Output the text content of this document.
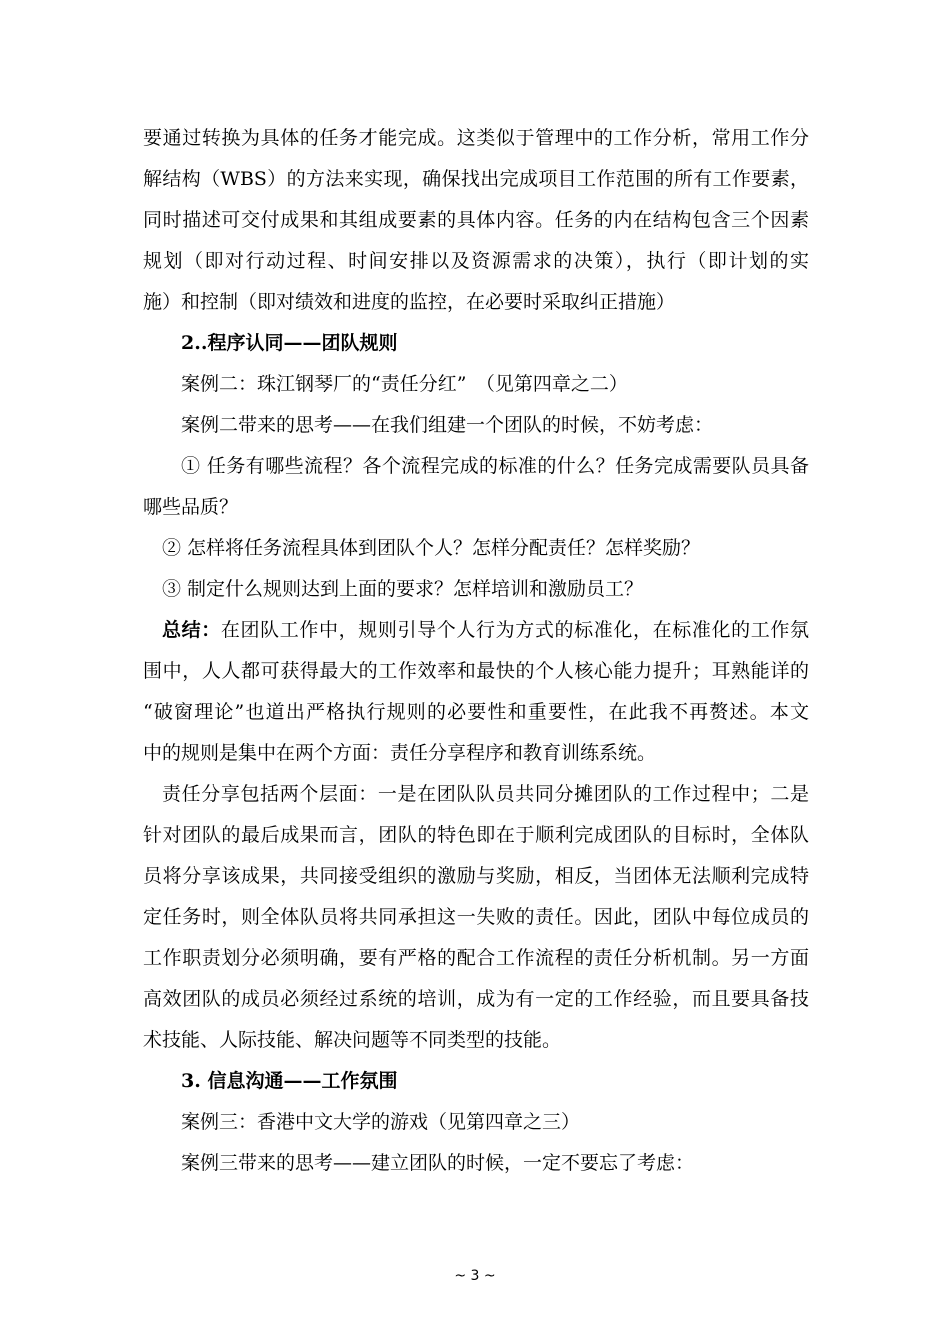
要通过转换为具体的任务才能完成。这类似于管理中的工作分析，常用工作分
解结构（WBS）的方法来实现，确保找出完成项目工作范围的所有工作要素，
同时描述可交付成果和其组成要素的具体内容。任务的内在结构包含三个因素
规划（即对行动过程、时间安排以及资源需求的决策），执行（即计划的实
施）和控制（即对绩效和进度的监控，在必要时采取纠正措施）
2..程序认同——团队规则
案例二：珠江钢琴厂的“责任分红”　（见第四章之二）
案例二带来的思考——在我们组建一个团队的时候，不妨考虑：
① 任务有哪些流程？各个流程完成的标准的什么？任务完成需要队员具备
哪些品质？
② 怎样将任务流程具体到团队个人？怎样分配责任？怎样奖励？
③ 制定什么规则达到上面的要求？怎样培训和激励员工？
总结：在团队工作中，规则引导个人行为方式的标准化，在标准化的工作氛
围中，人人都可获得最大的工作效率和最快的个人核心能力提升；耳熟能详的
“破窗理论”也道出严格执行规则的必要性和重要性，在此我不再赘述。本文
中的规则是集中在两个方面：责任分享程序和教育训练系统。
责任分享包括两个层面：一是在团队队员共同分摊团队的工作过程中；二是
针对团队的最后成果而言，团队的特色即在于顺利完成团队的目标时，全体队
员将分享该成果，共同接受组织的激励与奖励，相反，当团体无法顺利完成特
定任务时，则全体队员将共同承担这一失败的责任。因此，团队中每位成员的
工作职责划分必须明确，要有严格的配合工作流程的责任分析机制。另一方面
高效团队的成员必须经过系统的培训，成为有一定的工作经验，而且要具备技
术技能、人际技能、解决问题等不同类型的技能。
3. 信息沟通——工作氛围
案例三：香港中文大学的游戏（见第四章之三）
案例三带来的思考——建立团队的时候，一定不要忘了考虑：
~ 3 ~
